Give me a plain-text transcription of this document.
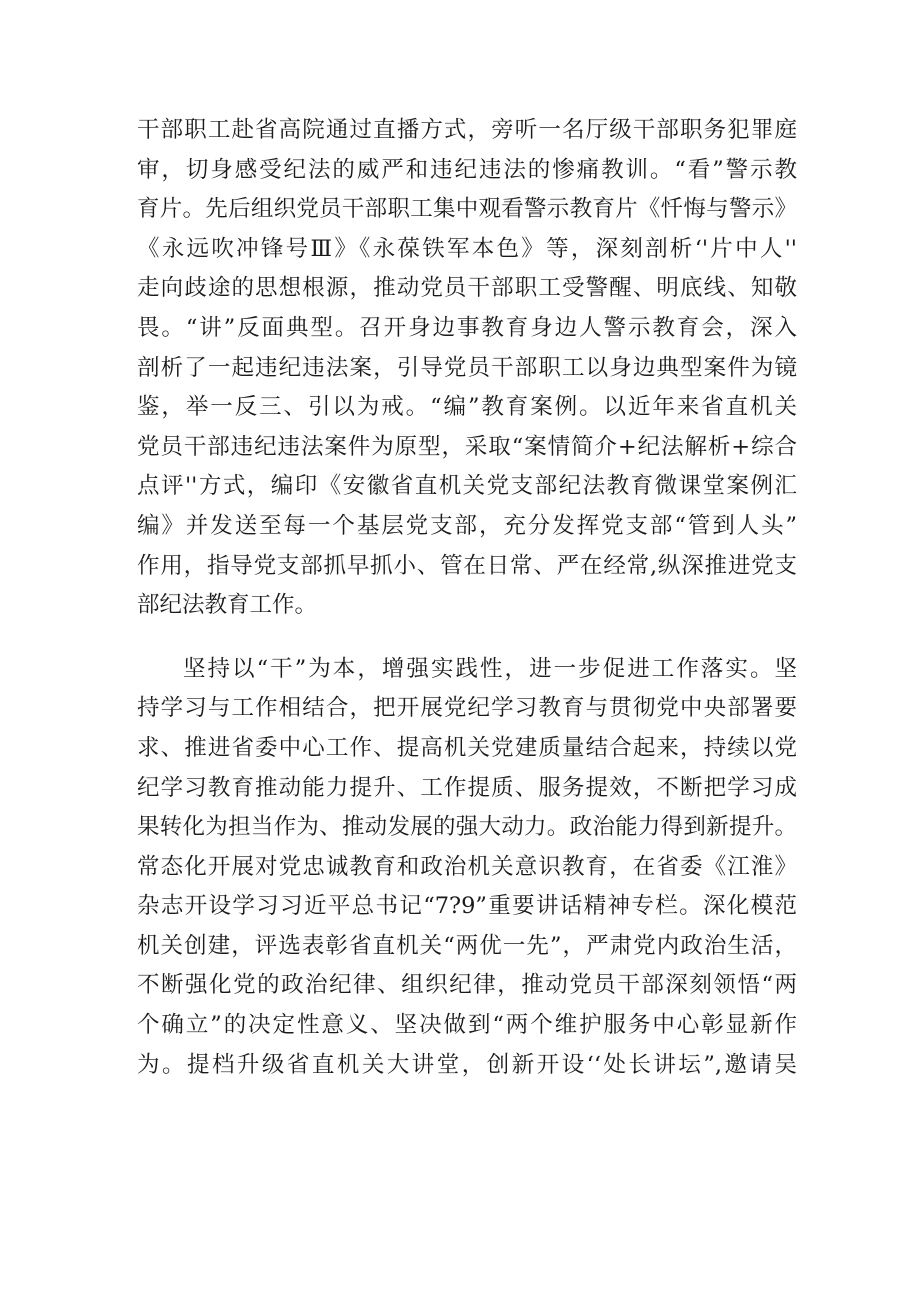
干部职工赴省高院通过直播方式，旁听一名厅级干部职务犯罪庭
审，切身感受纪法的威严和违纪违法的惨痛教训。“看”警示教
育片。先后组织党员干部职工集中观看警示教育片《忏悔与警示》
《永远吹冲锋号Ⅲ》《永葆铁军本色》等，深刻剖析‘'片中人''
走向歧途的思想根源，推动党员干部职工受警醒、明底线、知敬
畏。“讲”反面典型。召开身边事教育身边人警示教育会，深入
剖析了一起违纪违法案，引导党员干部职工以身边典型案件为镜
鉴，举一反三、引以为戒。“编”教育案例。以近年来省直机关
党员干部违纪违法案件为原型，采取“案情简介+纪法解析+综合
点评''方式，编印《安徽省直机关党支部纪法教育微课堂案例汇
编》并发送至每一个基层党支部，充分发挥党支部“管到人头”
作用，指导党支部抓早抓小、管在日常、严在经常,纵深推进党支
部纪法教育工作。
坚持以“干”为本，增强实践性，进一步促进工作落实。坚
持学习与工作相结合，把开展党纪学习教育与贯彻党中央部署要
求、推进省委中心工作、提高机关党建质量结合起来，持续以党
纪学习教育推动能力提升、工作提质、服务提效，不断把学习成
果转化为担当作为、推动发展的强大动力。政治能力得到新提升。
常态化开展对党忠诚教育和政治机关意识教育，在省委《江淮》
杂志开设学习习近平总书记“7?9”重要讲话精神专栏。深化模范
机关创建，评选表彰省直机关“两优一先”，严肃党内政治生活，
不断强化党的政治纪律、组织纪律，推动党员干部深刻领悟“两
个确立”的决定性意义、坚决做到“两个维护服务中心彰显新作
为。提档升级省直机关大讲堂，创新开设‘‘处长讲坛”,邀请吴
